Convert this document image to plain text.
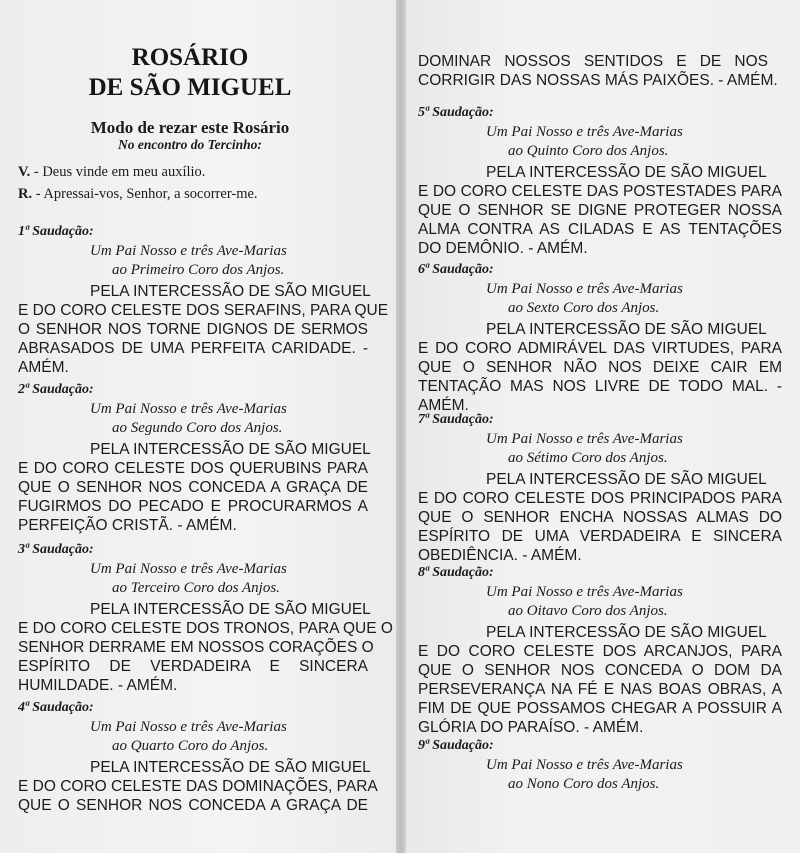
ROSÁRIO
DE SÃO MIGUEL
Modo de rezar este Rosário
No encontro do Tercinho:
V. - Deus vinde em meu auxílio.
R. - Apressai-vos, Senhor, a socorrer-me.
1ª Saudação:
Um Pai Nosso e três Ave-Marias
ao Primeiro Coro dos Anjos.
PELA INTERCESSÃO DE SÃO MIGUEL
E DO CORO CELESTE DOS SERAFINS, PARA QUE
O SENHOR NOS TORNE DIGNOS DE SERMOS
ABRASADOS DE UMA PERFEITA CARIDADE. -
AMÉM.
2ª Saudação:
Um Pai Nosso e três Ave-Marias
ao Segundo Coro dos Anjos.
PELA INTERCESSÃO DE SÃO MIGUEL
E DO CORO CELESTE DOS QUERUBINS PARA
QUE O SENHOR NOS CONCEDA A GRAÇA DE
FUGIRMOS DO PECADO E PROCURARMOS A
PERFEIÇÃO CRISTÃ. - AMÉM.
3ª Saudação:
Um Pai Nosso e três Ave-Marias
ao Terceiro Coro dos Anjos.
PELA INTERCESSÃO DE SÃO MIGUEL
E DO CORO CELESTE DOS TRONOS, PARA QUE O
SENHOR DERRAME EM NOSSOS CORAÇÕES O
ESPÍRITO DE VERDADEIRA E SINCERA
HUMILDADE. - AMÉM.
4ª Saudação:
Um Pai Nosso e três Ave-Marias
ao Quarto Coro do Anjos.
PELA INTERCESSÃO DE SÃO MIGUEL
E DO CORO CELESTE DAS DOMINAÇÕES, PARA
QUE O SENHOR NOS CONCEDA A GRAÇA DE
5ª Saudação:
Um Pai Nosso e três Ave-Marias
ao Quinto Coro dos Anjos.
PELA INTERCESSÃO DE SÃO MIGUEL
E DO CORO CELESTE DAS POSTESTADES PARA
QUE O SENHOR SE DIGNE PROTEGER NOSSA
ALMA CONTRA AS CILADAS E AS TENTAÇÕES
DO DEMÔNIO. - AMÉM.
6ª Saudação:
Um Pai Nosso e três Ave-Marias
ao Sexto Coro dos Anjos.
PELA INTERCESSÃO DE SÃO MIGUEL
E DO CORO ADMIRÁVEL DAS VIRTUDES, PARA
QUE O SENHOR NÃO NOS DEIXE CAIR EM
TENTAÇÃO MAS NOS LIVRE DE TODO MAL. -
AMÉM.
7ª Saudação:
Um Pai Nosso e três Ave-Marias
ao Sétimo Coro dos Anjos.
PELA INTERCESSÃO DE SÃO MIGUEL
E DO CORO CELESTE DOS PRINCIPADOS PARA
QUE O SENHOR ENCHA NOSSAS ALMAS DO
ESPÍRITO DE UMA VERDADEIRA E SINCERA
OBEDIÊNCIA. - AMÉM.
8ª Saudação:
Um Pai Nosso e três Ave-Marias
ao Oitavo Coro dos Anjos.
PELA INTERCESSÃO DE SÃO MIGUEL
E DO CORO CELESTE DOS ARCANJOS, PARA
QUE O SENHOR NOS CONCEDA O DOM DA
PERSEVERANÇA NA FÉ E NAS BOAS OBRAS, A
FIM DE QUE POSSAMOS CHEGAR A POSSUIR A
GLÓRIA DO PARAÍSO. - AMÉM.
9ª Saudação:
Um Pai Nosso e três Ave-Marias
ao Nono Coro dos Anjos.
DOMINAR NOSSOS SENTIDOS E DE NOS
CORRIGIR DAS NOSSAS MÁS PAIXÕES. - AMÉM.
